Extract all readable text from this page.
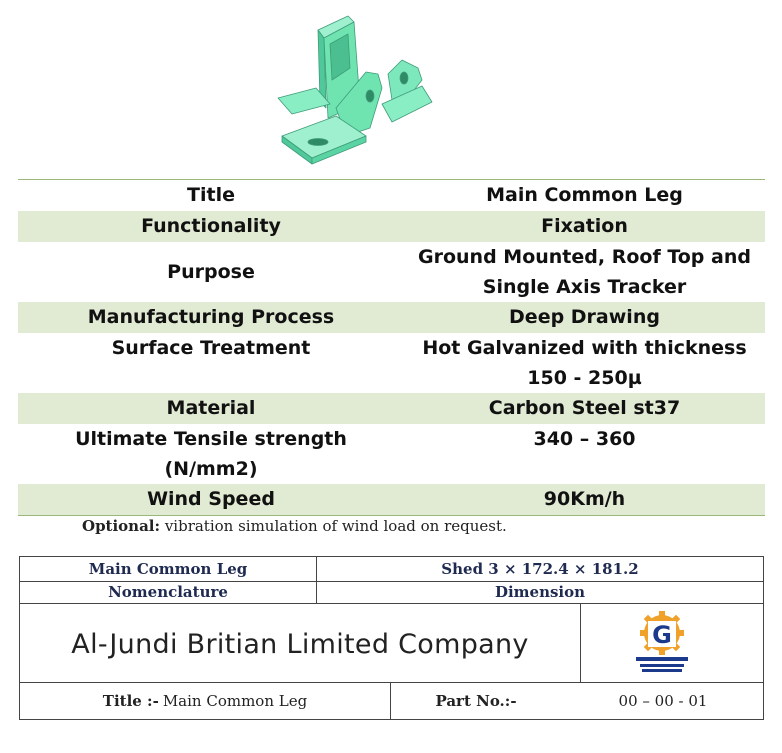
Title	Main Common Leg
Functionality	Fixation
Purpose	Ground Mounted, Roof Top and
Single Axis Tracker

Manufacturing Process	Deep Drawing
Surface Treatment	Hot Galvanized with thickness
150 - 250µ

Material	Carbon Steel st37

Ultimate Tensile strength
(N/mm2)	340 – 360
Wind Speed	90Km/h
Optional: vibration simulation of wind load on request.
Main Common Leg	Shed 3 × 172.4 × 181.2
Nomenclature	Dimension
Al-Jundi Britian Limited Company	G
Title :- Main Common Leg	Part No.:-	00 – 00 - 01
